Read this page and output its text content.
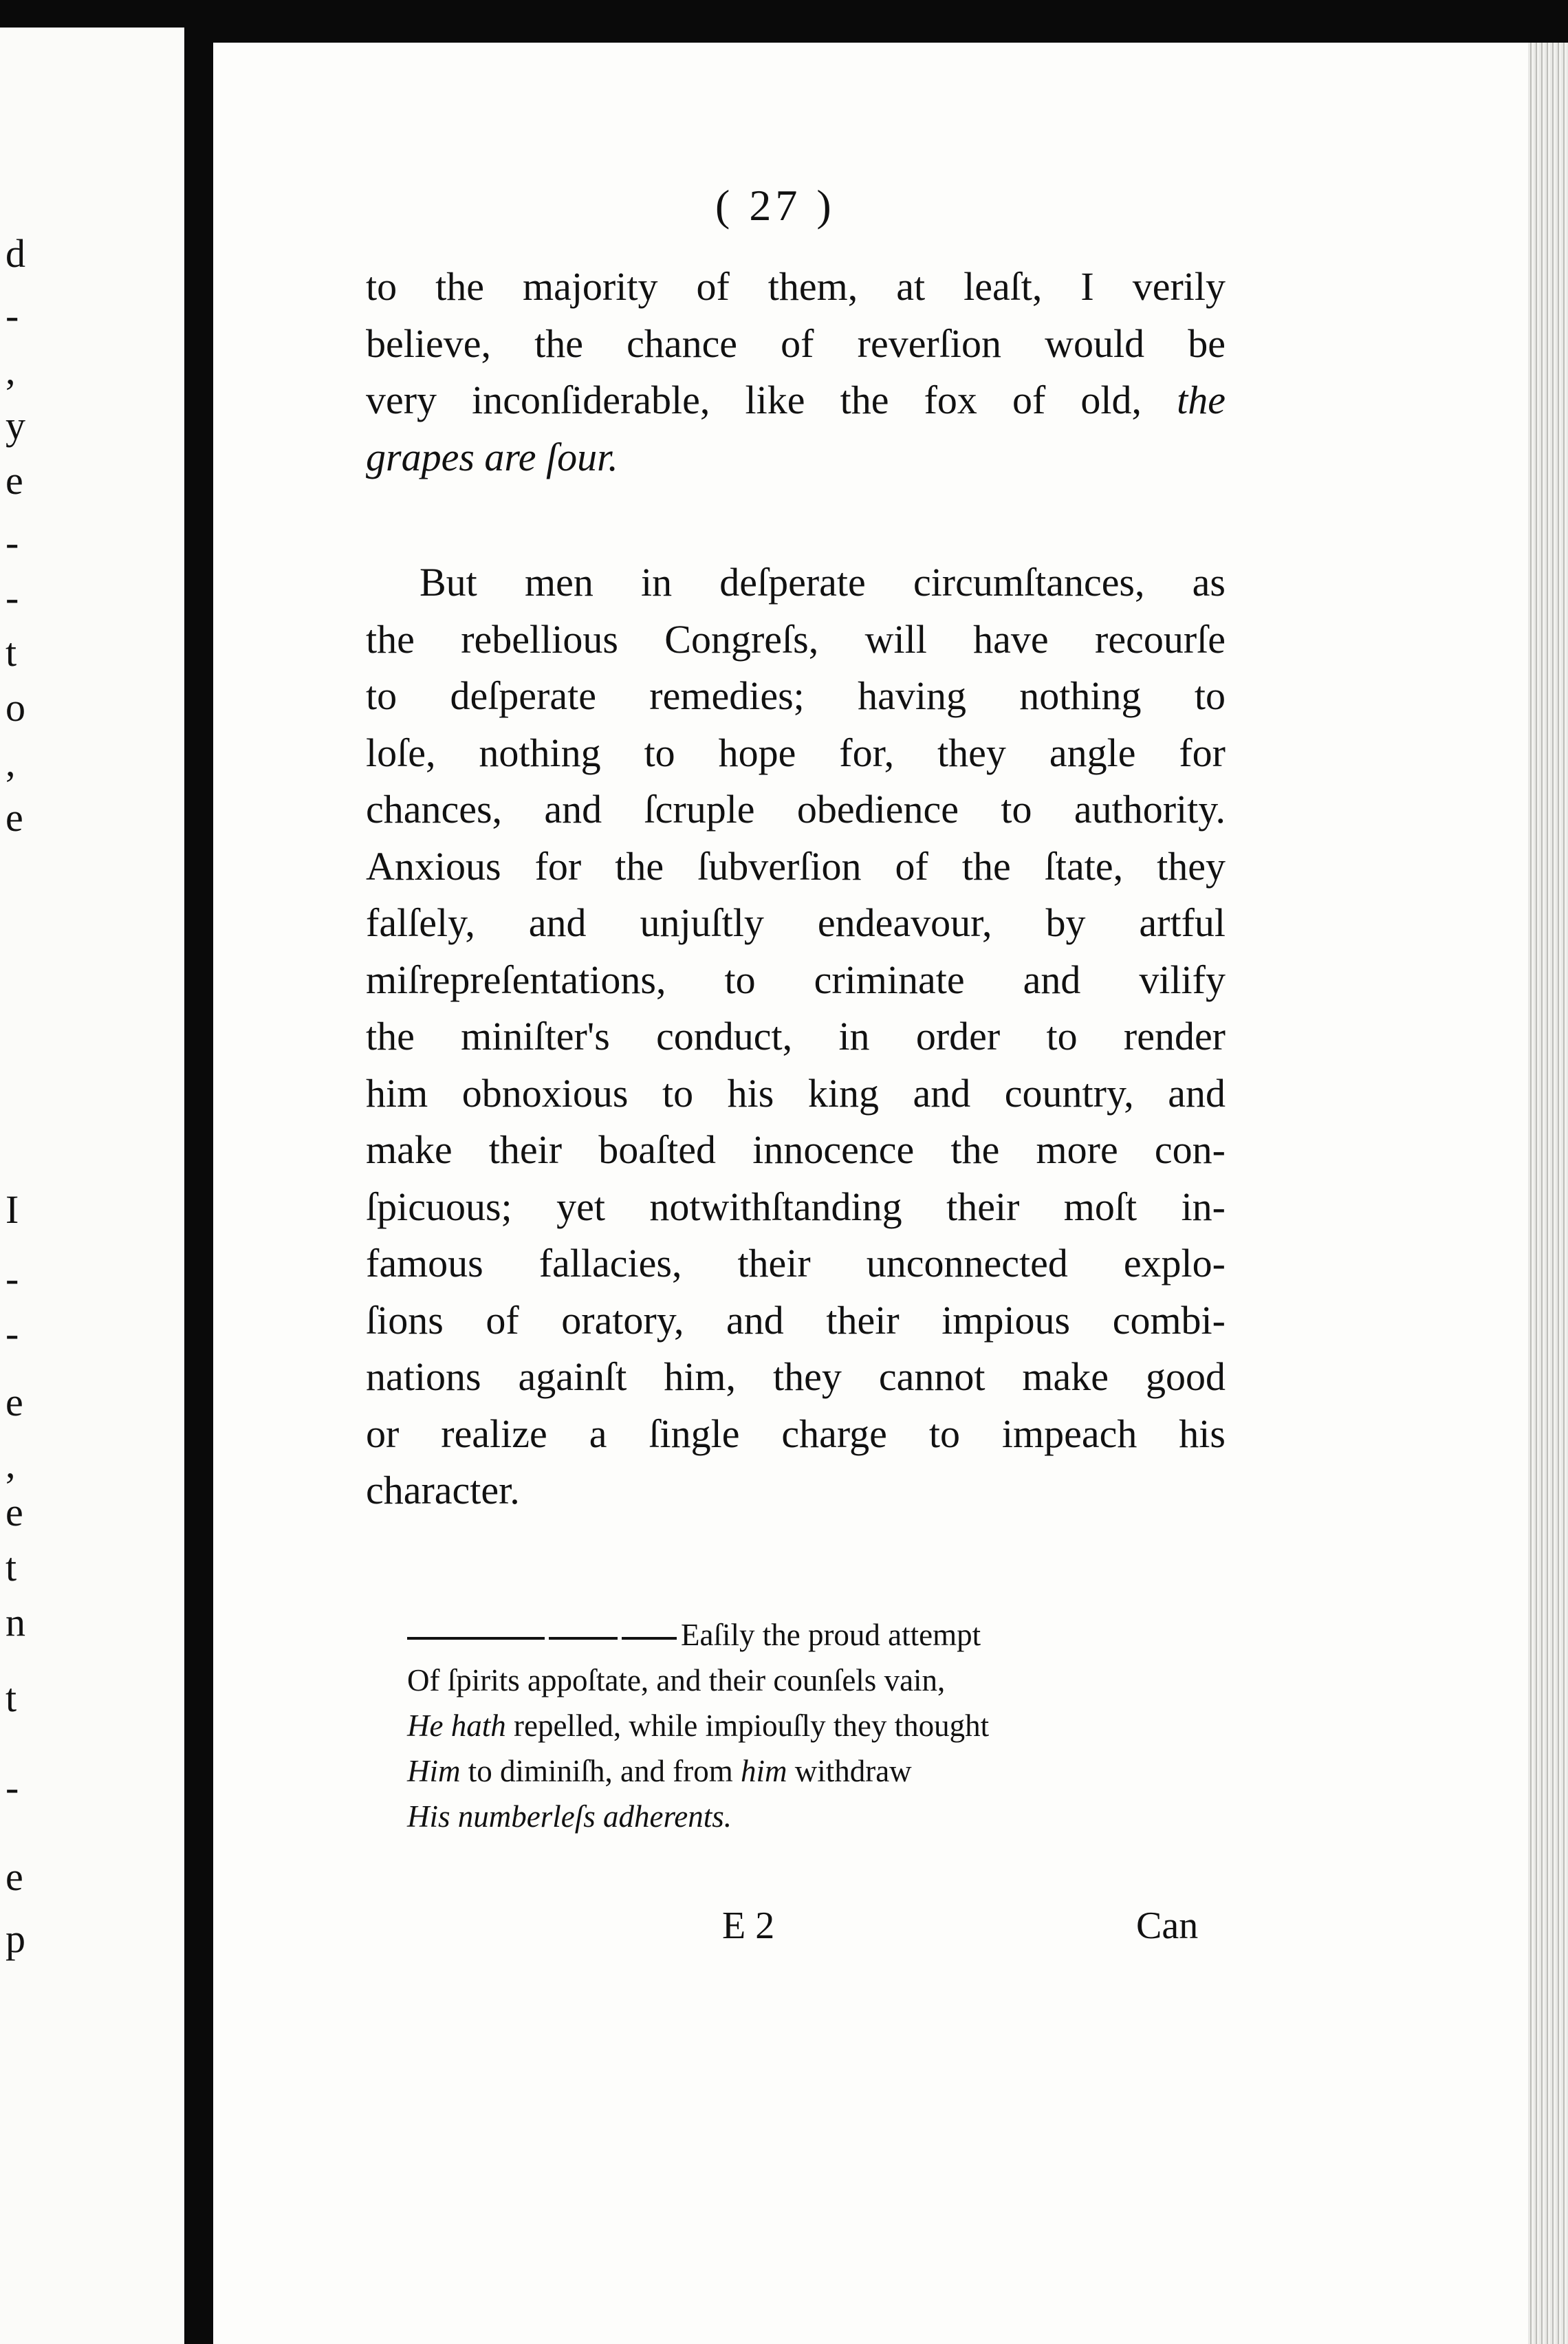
d
-
,
y
e
-
-
t
o
,
e
I
-
-
e
,
e
t
n
t
-
e
p
( 27 )
to the majority of them, at leaſt, I verily
believe, the chance of reverſion would be
very inconſiderable, like the fox of old, the
grapes are ſour.
But men in deſperate circumſtances, as
the rebellious Congreſs, will have recourſe
to deſperate remedies; having nothing to
loſe, nothing to hope for, they angle for
chances, and ſcruple obedience to authority.
Anxious for the ſubverſion of the ſtate, they
falſely, and unjuſtly endeavour, by artful
miſrepreſentations, to criminate and vilify
the miniſter's conduct, in order to render
him obnoxious to his king and country, and
make their boaſted innocence the more con-
ſpicuous; yet notwithſtanding their moſt in-
famous fallacies, their unconnected explo-
ſions of oratory, and their impious combi-
nations againſt him, they cannot make good
or realize a ſingle charge to impeach his
character.
Eaſily the proud attempt
Of ſpirits appoſtate, and their counſels vain,
He hath repelled, while impiouſly they thought
Him to diminiſh, and from him withdraw
His numberleſs adherents.
E 2	Can
